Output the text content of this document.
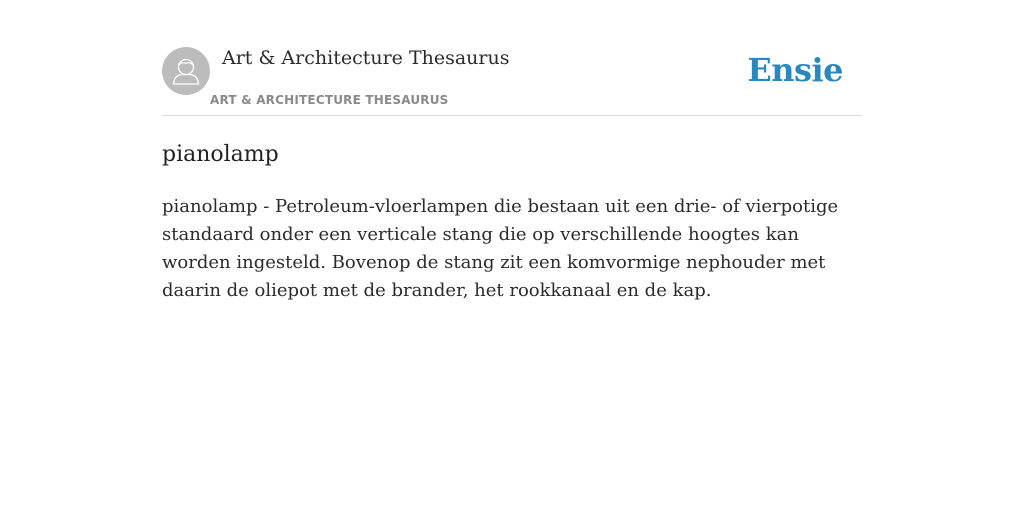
Art & Architecture Thesaurus
ART & ARCHITECTURE THESAURUS
Ensie
pianolamp

pianolamp - Petroleum-vloerlampen die bestaan uit een drie- of vierpotige standaard onder een verticale stang die op verschillende hoogtes kan worden ingesteld. Bovenop de stang zit een komvormige nephouder met daarin de oliepot met de brander, het rookkanaal en de kap.
